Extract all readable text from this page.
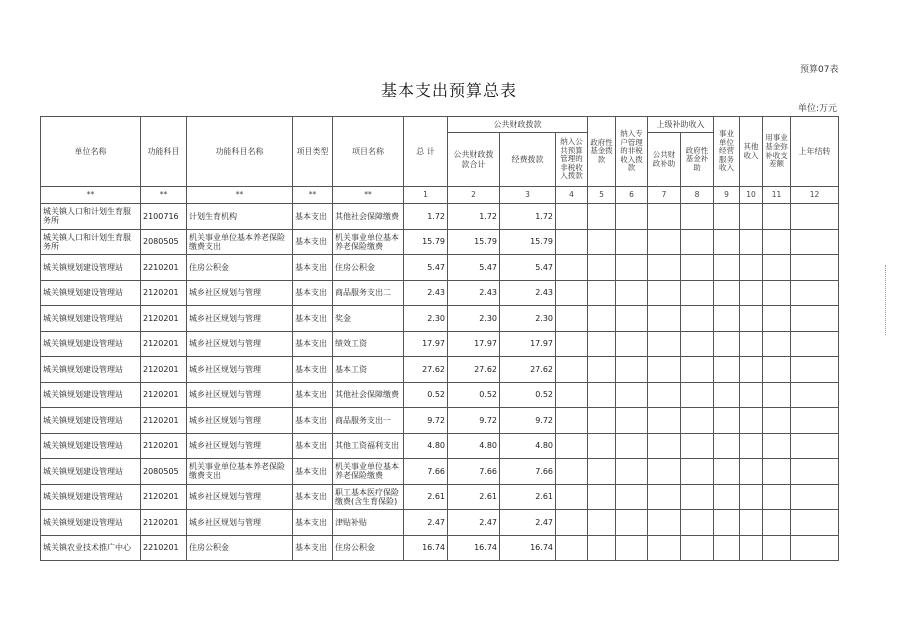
预算07表
基本支出预算总表
单位:万元
单位名称	功能科目	功能科目名称	项目类型	项目名称	总 计	公共财政拨款			政府性基金拨款	纳入专户管理的非税收入拨款	上级补助收入		事业单位经营服务收入	其他收入	用事业基金弥补收支差额	上年结转
						公共财政拨款合计	经费拨款	纳入公共预算管理的非税收入拨款			公共财政补助	政府性基金补助				
**	**	**	**	**	1	2	3	4	5	6	7	8	9	10	11	12
城关镇人口和计划生育服务所	2100716	计划生育机构	基本支出	其他社会保障缴费	1.72	1.72	1.72									
城关镇人口和计划生育服务所	2080505	机关事业单位基本养老保险缴费支出	基本支出	机关事业单位基本养老保险缴费	15.79	15.79	15.79									
城关镇规划建设管理站	2210201	住房公积金	基本支出	住房公积金	5.47	5.47	5.47									
城关镇规划建设管理站	2120201	城乡社区规划与管理	基本支出	商品服务支出二	2.43	2.43	2.43									
城关镇规划建设管理站	2120201	城乡社区规划与管理	基本支出	奖金	2.30	2.30	2.30									
城关镇规划建设管理站	2120201	城乡社区规划与管理	基本支出	绩效工资	17.97	17.97	17.97									
城关镇规划建设管理站	2120201	城乡社区规划与管理	基本支出	基本工资	27.62	27.62	27.62									
城关镇规划建设管理站	2120201	城乡社区规划与管理	基本支出	其他社会保障缴费	0.52	0.52	0.52									
城关镇规划建设管理站	2120201	城乡社区规划与管理	基本支出	商品服务支出一	9.72	9.72	9.72									
城关镇规划建设管理站	2120201	城乡社区规划与管理	基本支出	其他工资福利支出	4.80	4.80	4.80									
城关镇规划建设管理站	2080505	机关事业单位基本养老保险缴费支出	基本支出	机关事业单位基本养老保险缴费	7.66	7.66	7.66									
城关镇规划建设管理站	2120201	城乡社区规划与管理	基本支出	职工基本医疗保险缴费(含生育保险)	2.61	2.61	2.61									
城关镇规划建设管理站	2120201	城乡社区规划与管理	基本支出	津贴补贴	2.47	2.47	2.47									
城关镇农业技术推广中心	2210201	住房公积金	基本支出	住房公积金	16.74	16.74	16.74									
